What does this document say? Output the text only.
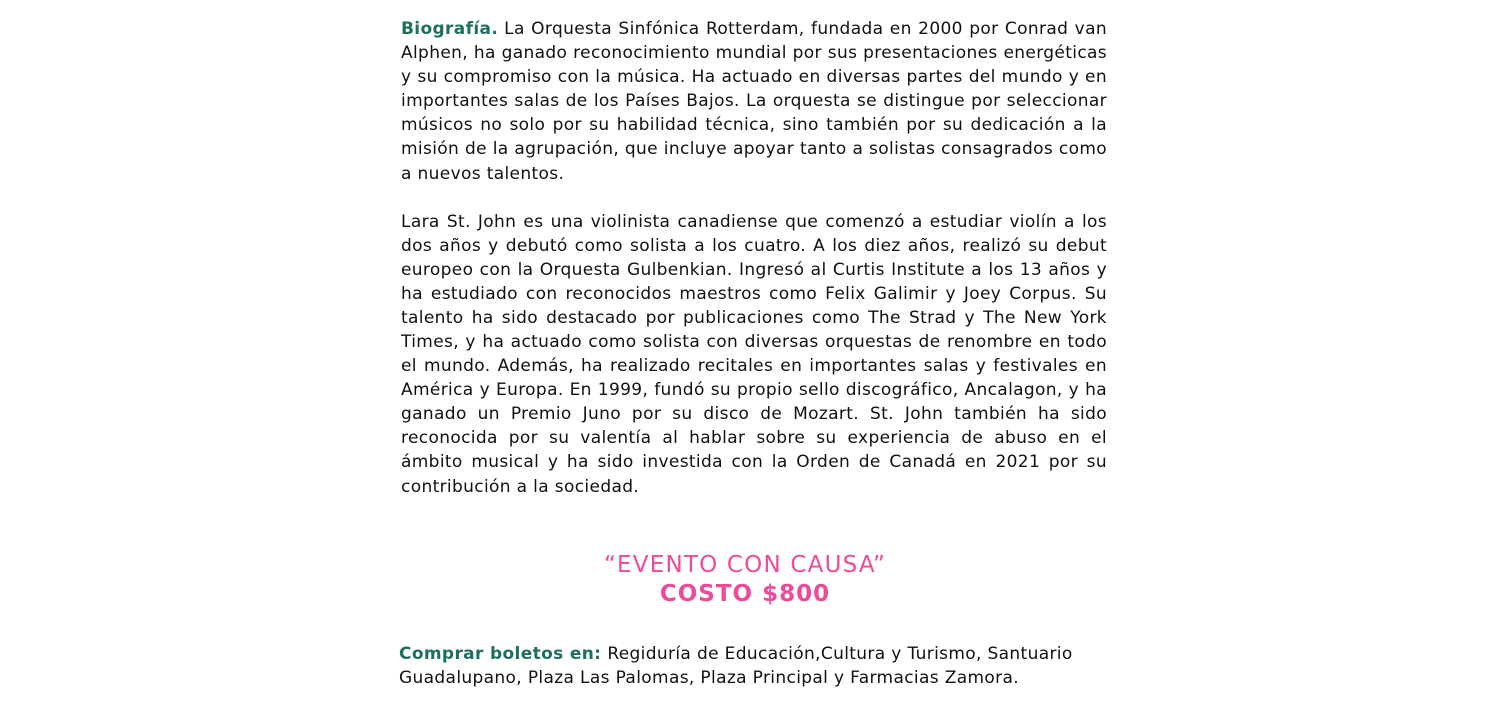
Biografía. La Orquesta Sinfónica Rotterdam, fundada en 2000 por Conrad van Alphen, ha ganado reconocimiento mundial por sus presentaciones energéticas y su compromiso con la música. Ha actuado en diversas partes del mundo y en importantes salas de los Países Bajos. La orquesta se distingue por seleccionar músicos no solo por su habilidad técnica, sino también por su dedicación a la misión de la agrupación, que incluye apoyar tanto a solistas consagrados como a nuevos talentos.

Lara St. John es una violinista canadiense que comenzó a estudiar violín a los dos años y debutó como solista a los cuatro. A los diez años, realizó su debut europeo con la Orquesta Gulbenkian. Ingresó al Curtis Institute a los 13 años y ha estudiado con reconocidos maestros como Felix Galimir y Joey Corpus. Su talento ha sido destacado por publicaciones como The Strad y The New York Times, y ha actuado como solista con diversas orquestas de renombre en todo el mundo. Además, ha realizado recitales en importantes salas y festivales en América y Europa. En 1999, fundó su propio sello discográfico, Ancalagon, y ha ganado un Premio Juno por su disco de Mozart. St. John también ha sido reconocida por su valentía al hablar sobre su experiencia de abuso en el ámbito musical y ha sido investida con la Orden de Canadá en 2021 por su contribución a la sociedad.

“EVENTO CON CAUSA”
COSTO $800

Comprar boletos en: Regiduría de Educación,Cultura y Turismo, Santuario Guadalupano, Plaza Las Palomas, Plaza Principal y Farmacias Zamora.
